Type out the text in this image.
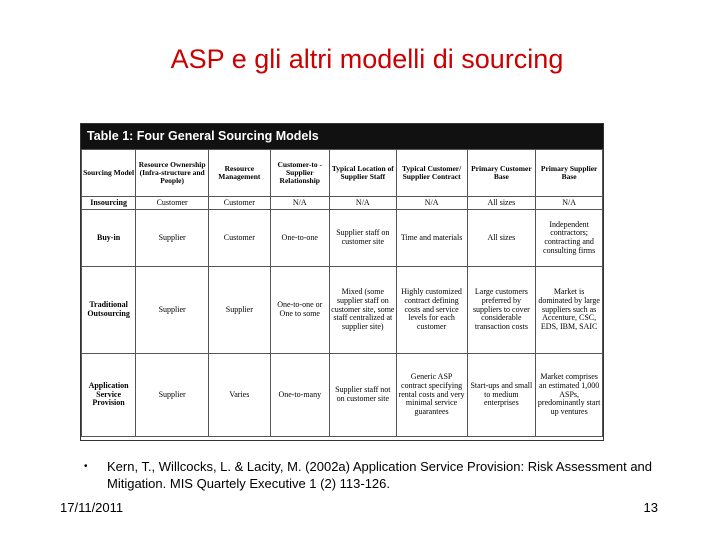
ASP e gli altri modelli di sourcing
Table 1: Four General Sourcing Models
Sourcing Model	Resource Ownership (Infra-structure and People)	Resource Management	Customer-to -Supplier Relationship	Typical Location of Supplier Staff	Typical Customer/ Supplier Contract	Primary Customer Base	Primary Supplier Base
Insourcing	Customer	Customer	N/A	N/A	N/A	All sizes	N/A
Buy-in	Supplier	Customer	One-to-one	Supplier staff on customer site	Time and materials	All sizes	Independent contractors; contracting and consulting firms
Traditional Outsourcing	Supplier	Supplier	One-to-one or One to some	Mixed (some supplier staff on customer site, some staff centralized at supplier site)	Highly customized contract defining costs and service levels for each customer	Large customers preferred by suppliers to cover considerable transaction costs	Market is dominated by large suppliers such as Accenture, CSC, EDS, IBM, SAIC
Application Service Provision	Supplier	Varies	One-to-many	Supplier staff not on customer site	Generic ASP contract specifying rental costs and very minimal service guarantees	Start-ups and small to medium enterprises	Market comprises an estimated 1,000 ASPs, predominantly start up ventures
• Kern, T., Willcocks, L. & Lacity, M. (2002a) Application Service Provision: Risk Assessment and Mitigation. MIS Quartely Executive 1 (2) 113-126.
17/11/2011	13
